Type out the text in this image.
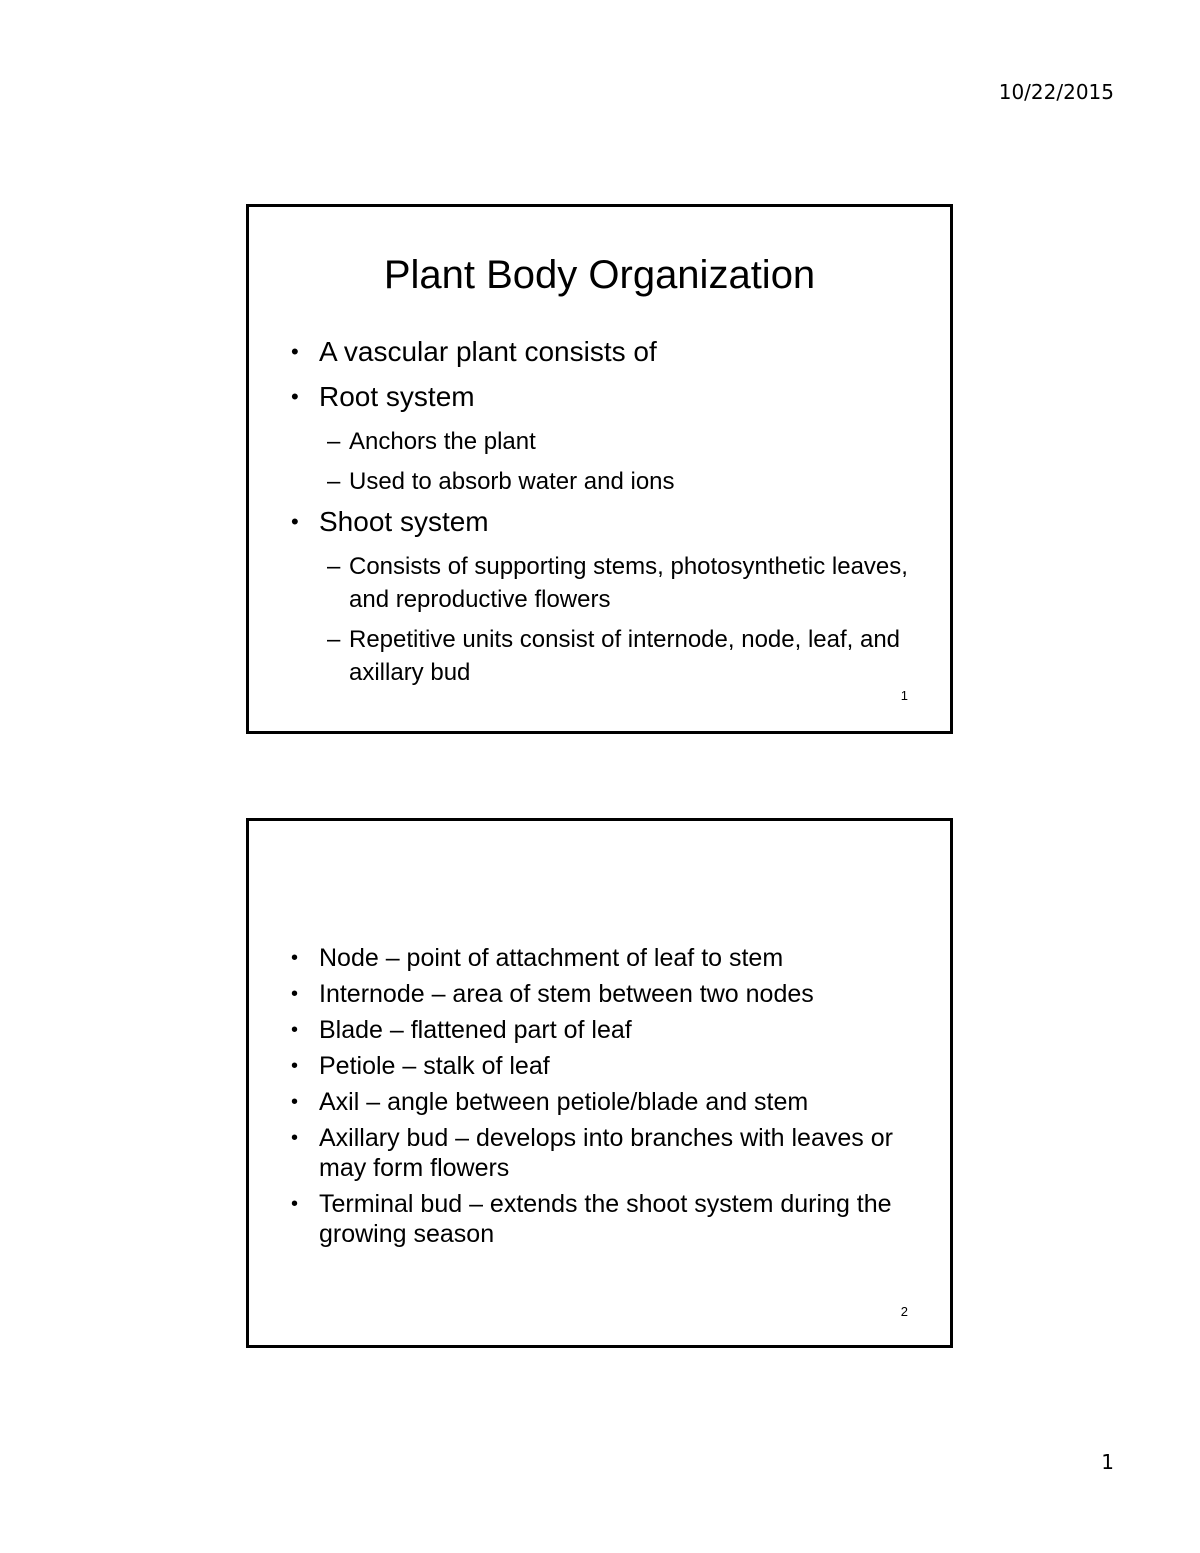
10/22/2015
Plant Body Organization
• A vascular plant consists of
• Root system
– Anchors the plant
– Used to absorb water and ions
• Shoot system
– Consists of supporting stems, photosynthetic leaves, and reproductive flowers
– Repetitive units consist of internode, node, leaf, and axillary bud
1
• Node – point of attachment of leaf to stem
• Internode – area of stem between two nodes
• Blade – flattened part of leaf
• Petiole – stalk of leaf
• Axil – angle between petiole/blade and stem
• Axillary bud – develops into branches with leaves or may form flowers
• Terminal bud – extends the shoot system during the growing season
2
1
